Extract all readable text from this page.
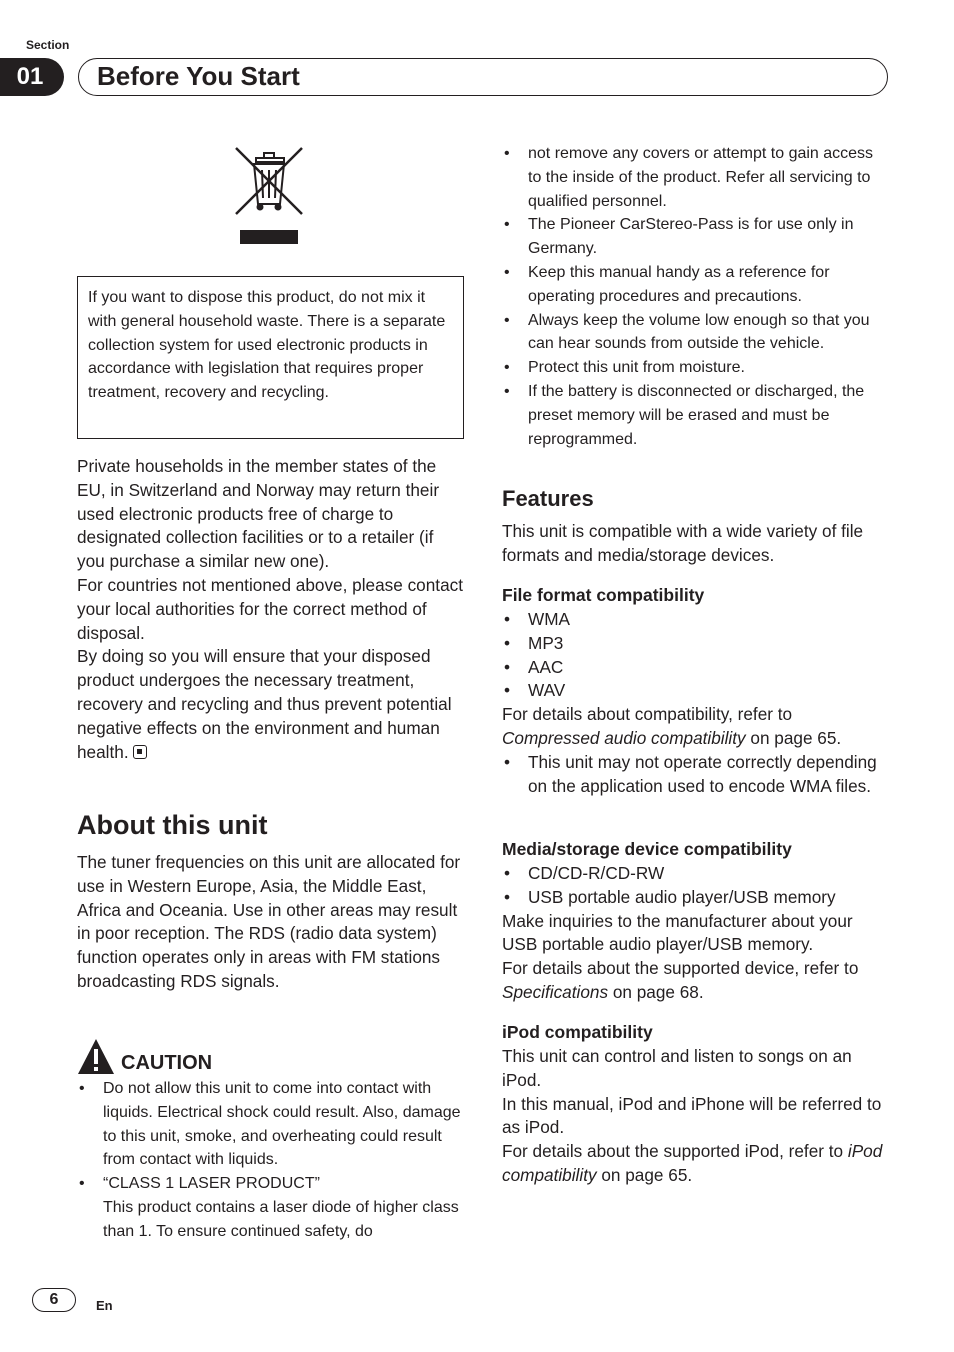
Section
01	Before You Start
If you want to dispose this product, do not mix it with general household waste. There is a separate collection system for used electronic products in accordance with legislation that requires proper treatment, recovery and recycling.
Private households in the member states of the EU, in Switzerland and Norway may return their used electronic products free of charge to designated collection facilities or to a retailer (if you purchase a similar new one).
For countries not mentioned above, please contact your local authorities for the correct method of disposal.
By doing so you will ensure that your disposed product undergoes the necessary treatment, recovery and recycling and thus prevent potential negative effects on the environment and human health.
About this unit
The tuner frequencies on this unit are allocated for use in Western Europe, Asia, the Middle East, Africa and Oceania. Use in other areas may result in poor reception. The RDS (radio data system) function operates only in areas with FM stations broadcasting RDS signals.
CAUTION
• Do not allow this unit to come into contact with liquids. Electrical shock could result. Also, damage to this unit, smoke, and overheating could result from contact with liquids.
• “CLASS 1 LASER PRODUCT”
This product contains a laser diode of higher class than 1. To ensure continued safety, do
• not remove any covers or attempt to gain access to the inside of the product. Refer all servicing to qualified personnel.
• The Pioneer CarStereo-Pass is for use only in Germany.
• Keep this manual handy as a reference for operating procedures and precautions.
• Always keep the volume low enough so that you can hear sounds from outside the vehicle.
• Protect this unit from moisture.
• If the battery is disconnected or discharged, the preset memory will be erased and must be reprogrammed.
Features
This unit is compatible with a wide variety of file formats and media/storage devices.
File format compatibility
• WMA
• MP3
• AAC
• WAV
For details about compatibility, refer to Compressed audio compatibility on page 65.
• This unit may not operate correctly depending on the application used to encode WMA files.
Media/storage device compatibility
• CD/CD-R/CD-RW
• USB portable audio player/USB memory
Make inquiries to the manufacturer about your USB portable audio player/USB memory.
For details about the supported device, refer to Specifications on page 68.
iPod compatibility
This unit can control and listen to songs on an iPod.
In this manual, iPod and iPhone will be referred to as iPod.
For details about the supported iPod, refer to iPod compatibility on page 65.
6	En
